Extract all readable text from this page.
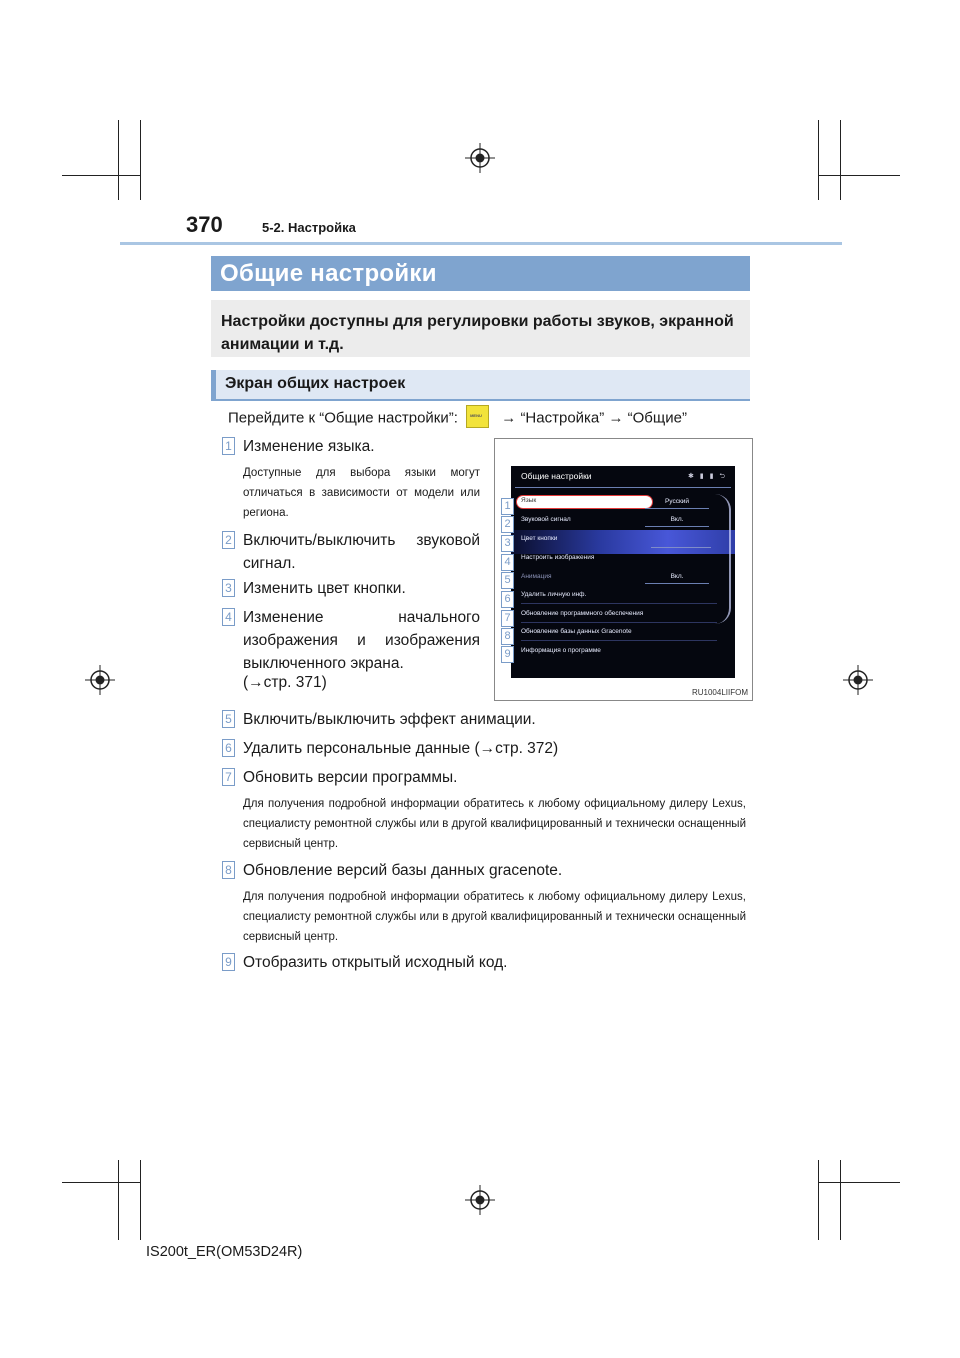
370	5-2. Настройка
Общие настройки
Настройки доступны для регулировки работы звуков, экранной анимации и т.д.
Экран общих настроек
Перейдите к “Общие настройки”:	MENU → “Настройка” → “Общие”
1 Изменение языка.
Доступные для выбора языки могут отличаться в зависимости от модели или региона.
2 Включить/выключить звуковой сигнал.
3 Изменить цвет кнопки.
4 Изменение начального изображения и изображения выключенного экрана.
(→стр. 371)
Общие настройки	✱ ▮ ▮ ⮌
Язык	Русский
Звуковой сигнал	Вкл.
Цвет кнопки
Настроить изображения
Анимация	Вкл.
Удалить личную инф.
Обновление программного обеспечения
Обновление базы данных Gracenote
Информация о программе
1
2
3
4
5
6
7
8
9
RU1004LIIFOM
5 Включить/выключить эффект анимации.
6 Удалить персональные данные (→стр. 372)
7 Обновить версии программы.
Для получения подробной информации обратитесь к любому официальному дилеру Lexus, специалисту ремонтной службы или в другой квалифицированный и технически оснащенный сервисный центр.
8 Обновление версий базы данных gracenote.
Для получения подробной информации обратитесь к любому официальному дилеру Lexus, специалисту ремонтной службы или в другой квалифицированный и технически оснащенный сервисный центр.
9 Отобразить открытый исходный код.
IS200t_ER(OM53D24R)
